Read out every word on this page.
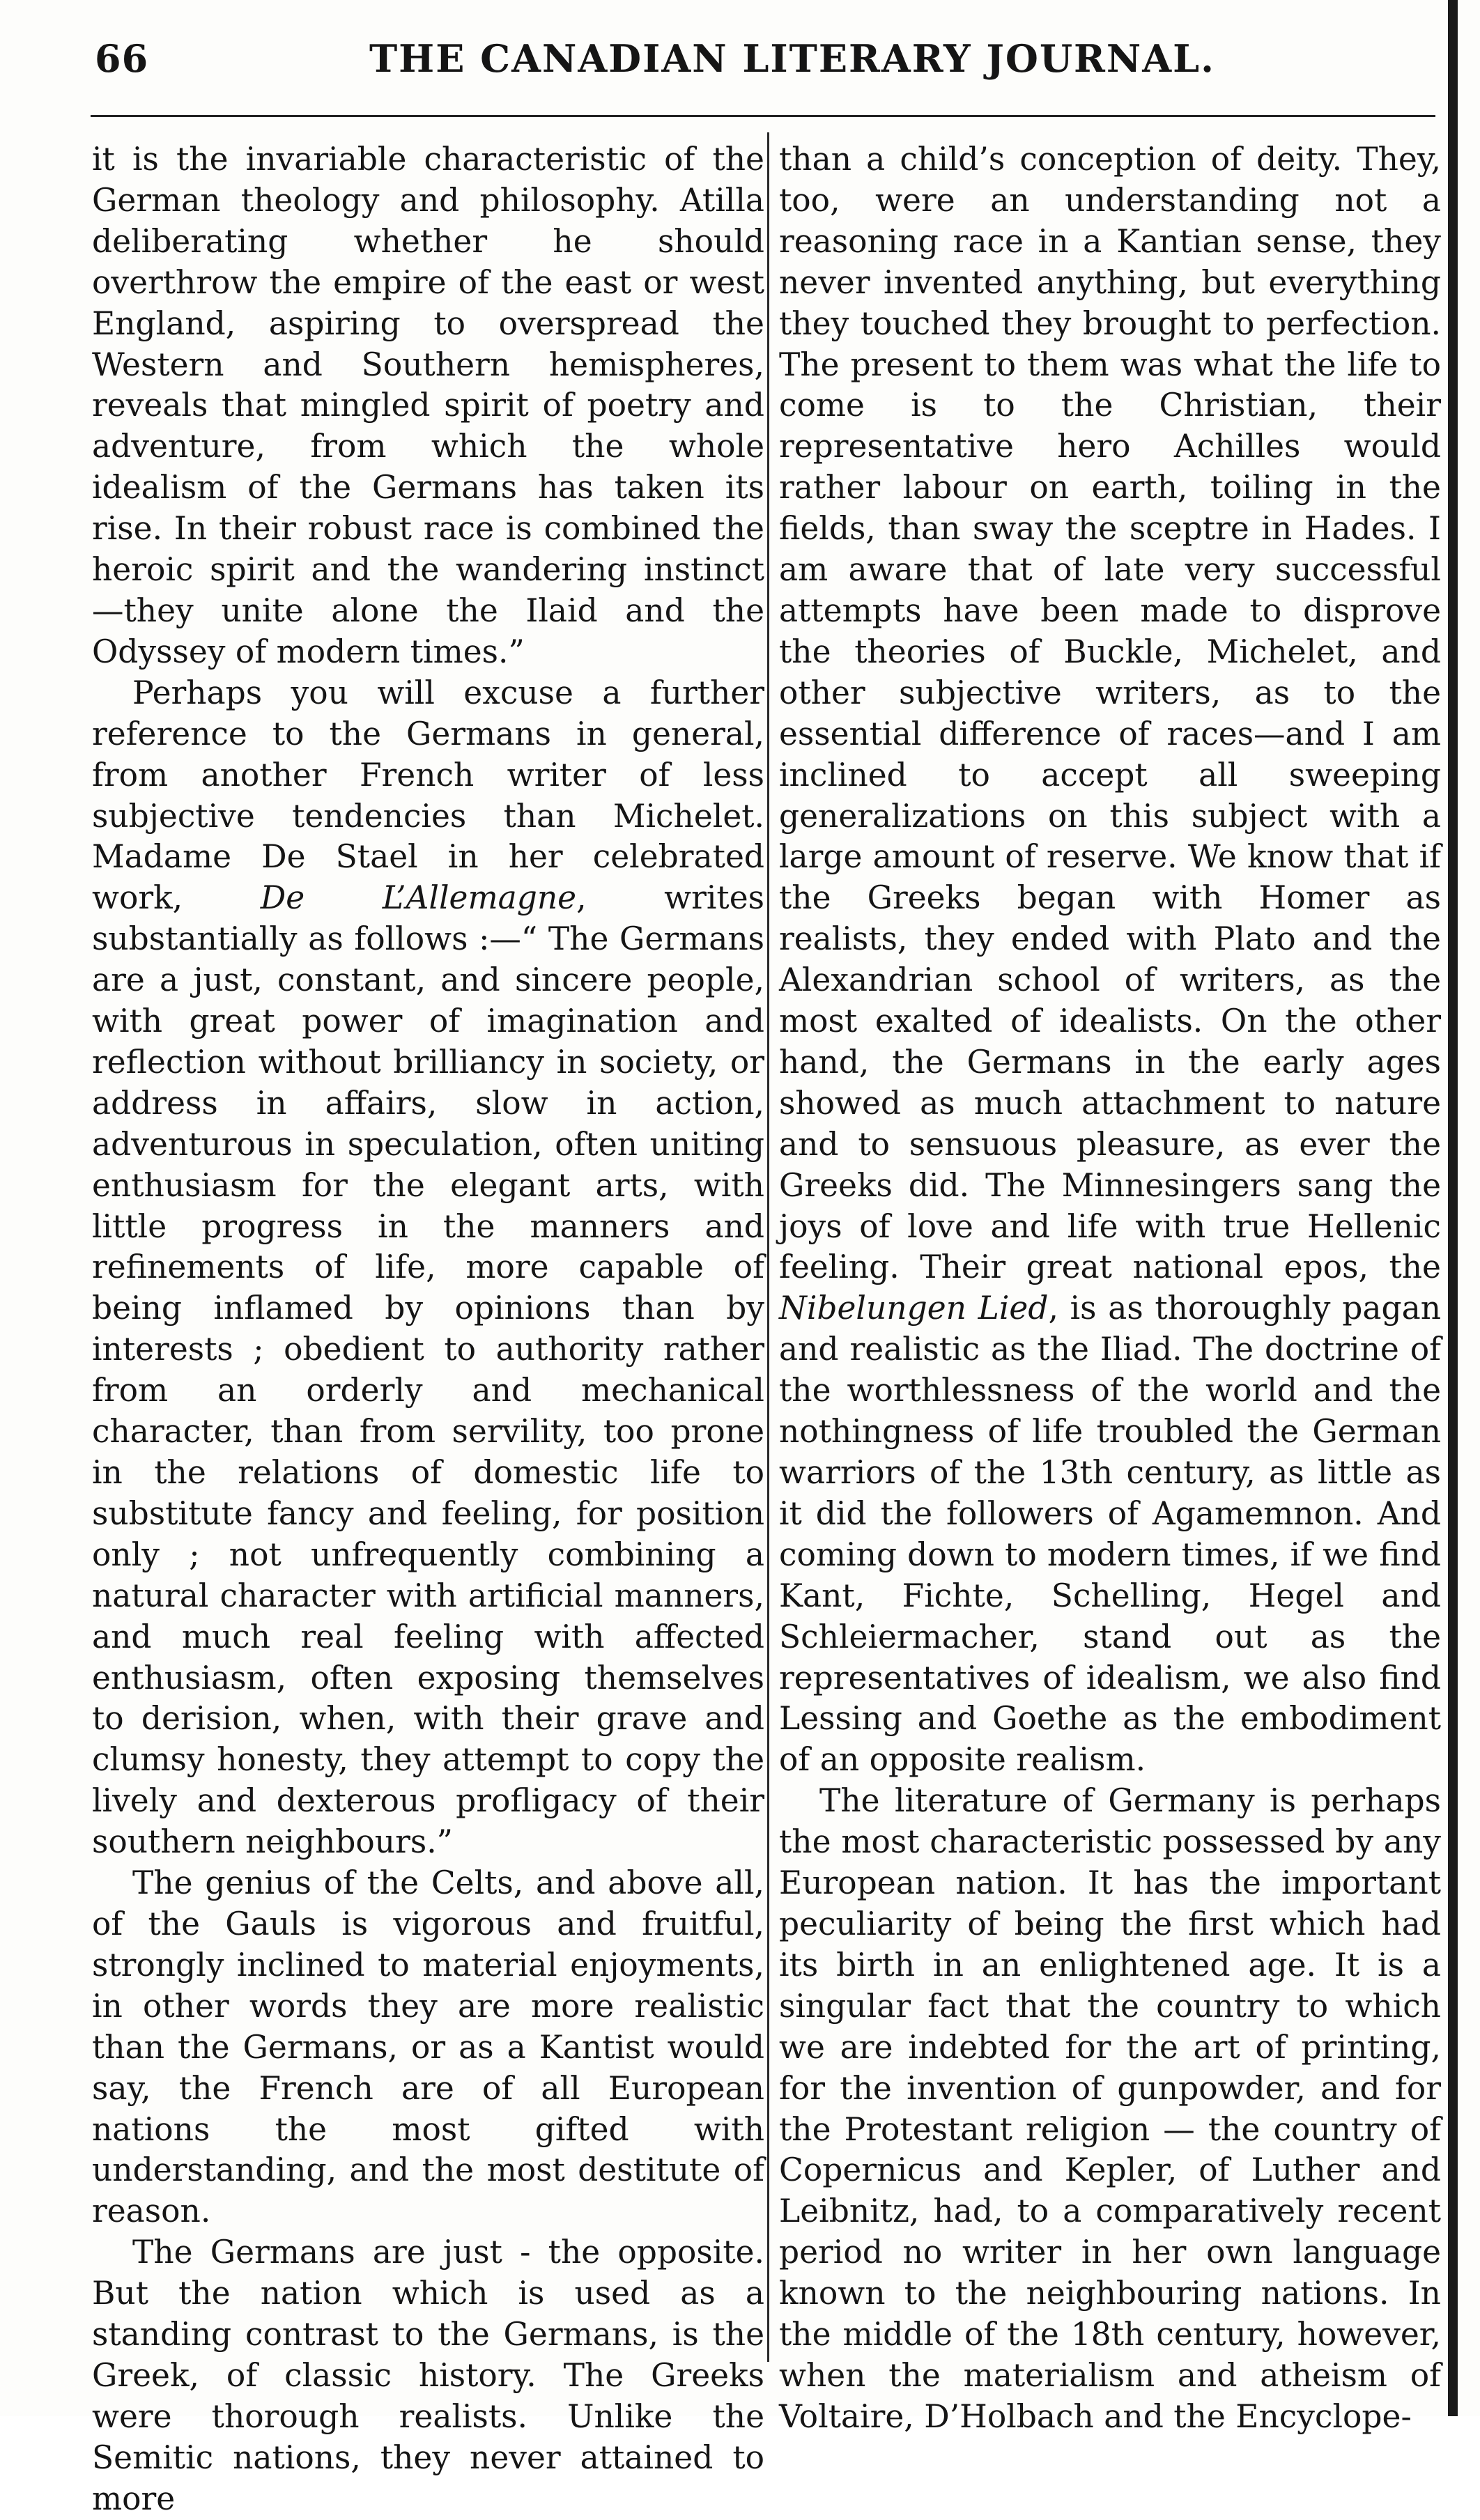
66	THE CANADIAN LITERARY JOURNAL.

it is the invariable characteristic of the German theology and philosophy. Atilla deliberating whether he should overthrow the empire of the east or west England, aspiring to overspread the Western and Southern hemispheres, reveals that mingled spirit of poetry and adventure, from which the whole idealism of the Germans has taken its rise. In their robust race is combined the heroic spirit and the wandering instinct —they unite alone the Ilaid and the Odyssey of modern times.”

Perhaps you will excuse a further reference to the Germans in general, from another French writer of less subjective tendencies than Michelet. Madame De Stael in her celebrated work, De L’Allemagne, writes substantially as follows :—“ The Germans are a just, constant, and sincere people, with great power of imagination and reflection without brilliancy in society, or address in affairs, slow in action, adventurous in speculation, often uniting enthusiasm for the elegant arts, with little progress in the manners and refinements of life, more capable of being inflamed by opinions than by interests ; obedient to authority rather from an orderly and mechanical character, than from servility, too prone in the relations of domestic life to substitute fancy and feeling, for position only ; not unfrequently combining a natural character with artificial manners, and much real feeling with affected enthusiasm, often exposing themselves to derision, when, with their grave and clumsy honesty, they attempt to copy the lively and dexterous profligacy of their southern neighbours.”

The genius of the Celts, and above all, of the Gauls is vigorous and fruitful, strongly inclined to material enjoyments, in other words they are more realistic than the Germans, or as a Kantist would say, the French are of all European nations the most gifted with understanding, and the most destitute of reason.

The Germans are just - the opposite. But the nation which is used as a standing contrast to the Germans, is the Greek, of classic history. The Greeks were thorough realists. Unlike the Semitic nations, they never attained to more

than a child’s conception of deity. They, too, were an understanding not a reasoning race in a Kantian sense, they never invented anything, but everything they touched they brought to perfection. The present to them was what the life to come is to the Christian, their representative hero Achilles would rather labour on earth, toiling in the fields, than sway the sceptre in Hades. I am aware that of late very successful attempts have been made to disprove the theories of Buckle, Michelet, and other subjective writers, as to the essential difference of races—and I am inclined to accept all sweeping generalizations on this subject with a large amount of reserve. We know that if the Greeks began with Homer as realists, they ended with Plato and the Alexandrian school of writers, as the most exalted of idealists. On the other hand, the Germans in the early ages showed as much attachment to nature and to sensuous pleasure, as ever the Greeks did. The Minnesingers sang the joys of love and life with true Hellenic feeling. Their great national epos, the Nibelungen Lied, is as thoroughly pagan and realistic as the Iliad. The doctrine of the worthlessness of the world and the nothingness of life troubled the German warriors of the 13th century, as little as it did the followers of Agamemnon. And coming down to modern times, if we find Kant, Fichte, Schelling, Hegel and Schleiermacher, stand out as the representatives of idealism, we also find Lessing and Goethe as the embodiment of an opposite realism.

The literature of Germany is perhaps the most characteristic possessed by any European nation. It has the important peculiarity of being the first which had its birth in an enlightened age. It is a singular fact that the country to which we are indebted for the art of printing, for the invention of gunpowder, and for the Protestant religion — the country of Copernicus and Kepler, of Luther and Leibnitz, had, to a comparatively recent period no writer in her own language known to the neighbouring nations. In the middle of the 18th century, however, when the materialism and atheism of Voltaire, D’Holbach and the Encyclope-
